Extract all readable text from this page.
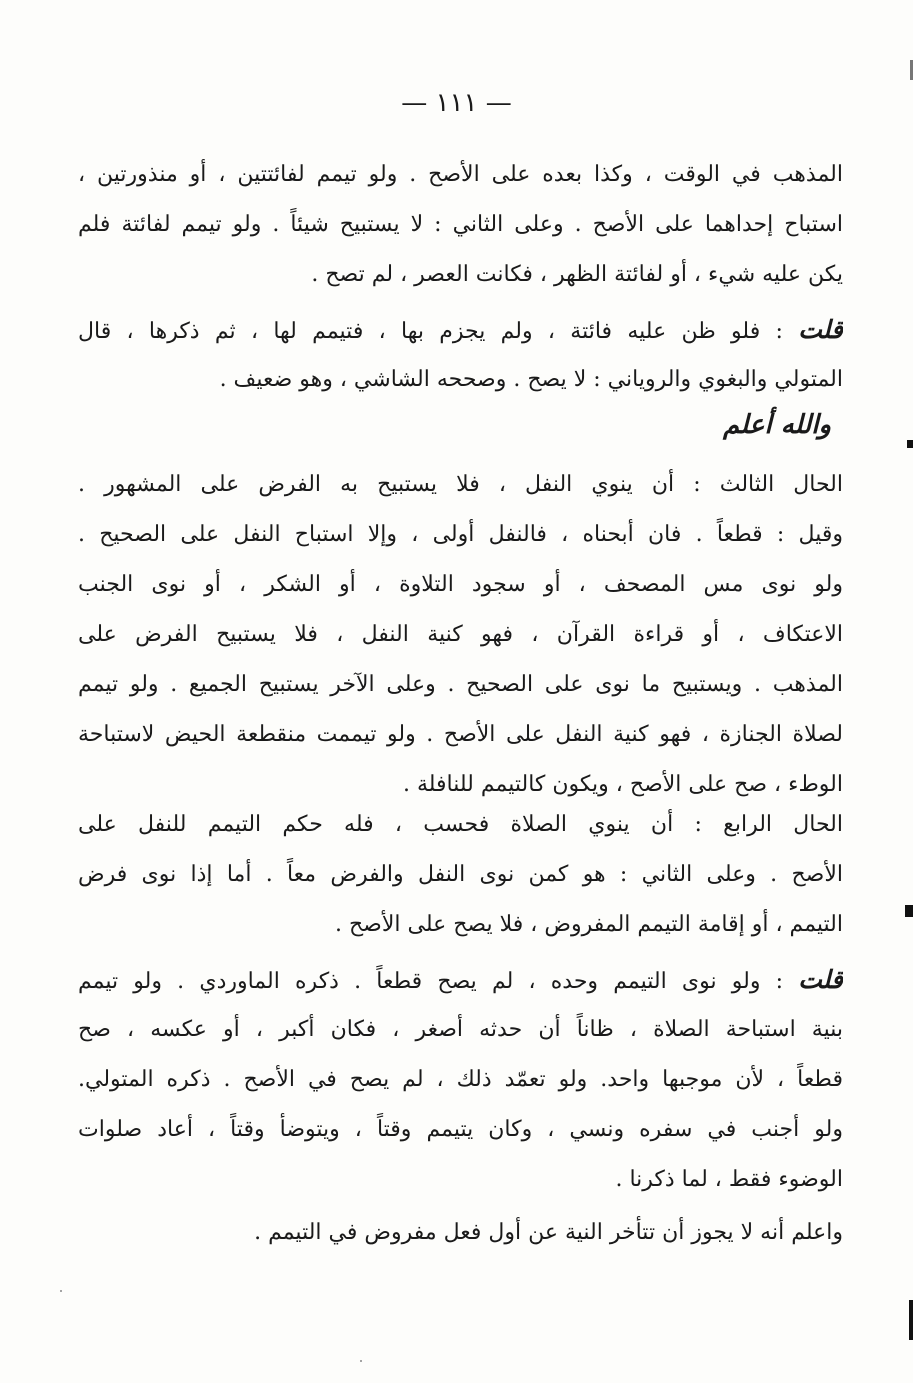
— ١١١ —
المذهب في الوقت ، وكذا بعده على الأصح . ولو تيمم لفائتتين ، أو منذورتين ،
استباح إحداهما على الأصح . وعلى الثاني : لا يستبيح شيئاً . ولو تيمم لفائتة فلم
يكن عليه شيء ، أو لفائتة الظهر ، فكانت العصر ، لم تصح .
قلت : فلو ظن عليه فائتة ، ولم يجزم بها ، فتيمم لها ، ثم ذكرها ، قال
المتولي والبغوي والروياني : لا يصح . وصححه الشاشي ، وهو ضعيف .
والله أعلم
الحال الثالث : أن ينوي النفل ، فلا يستبيح به الفرض على المشهور .
وقيل : قطعاً . فان أبحناه ، فالنفل أولى ، وإلا استباح النفل على الصحيح .
ولو نوى مس المصحف ، أو سجود التلاوة ، أو الشكر ، أو نوى الجنب
الاعتكاف ، أو قراءة القرآن ، فهو كنية النفل ، فلا يستبيح الفرض على
المذهب . ويستبيح ما نوى على الصحيح . وعلى الآخر يستبيح الجميع . ولو تيمم
لصلاة الجنازة ، فهو كنية النفل على الأصح . ولو تيممت منقطعة الحيض لاستباحة
الوطء ، صح على الأصح ، ويكون كالتيمم للنافلة .
الحال الرابع : أن ينوي الصلاة فحسب ، فله حكم التيمم للنفل على
الأصح . وعلى الثاني : هو كمن نوى النفل والفرض معاً . أما إذا نوى فرض
التيمم ، أو إقامة التيمم المفروض ، فلا يصح على الأصح .
قلت : ولو نوى التيمم وحده ، لم يصح قطعاً . ذكره الماوردي . ولو تيمم
بنية استباحة الصلاة ، ظاناً أن حدثه أصغر ، فكان أكبر ، أو عكسه ، صح
قطعاً ، لأن موجبها واحد. ولو تعمّد ذلك ، لم يصح في الأصح . ذكره المتولي.
ولو أجنب في سفره ونسي ، وكان يتيمم وقتاً ، ويتوضأ وقتاً ، أعاد صلوات
الوضوء فقط ، لما ذكرنا .
واعلم أنه لا يجوز أن تتأخر النية عن أول فعل مفروض في التيمم .
